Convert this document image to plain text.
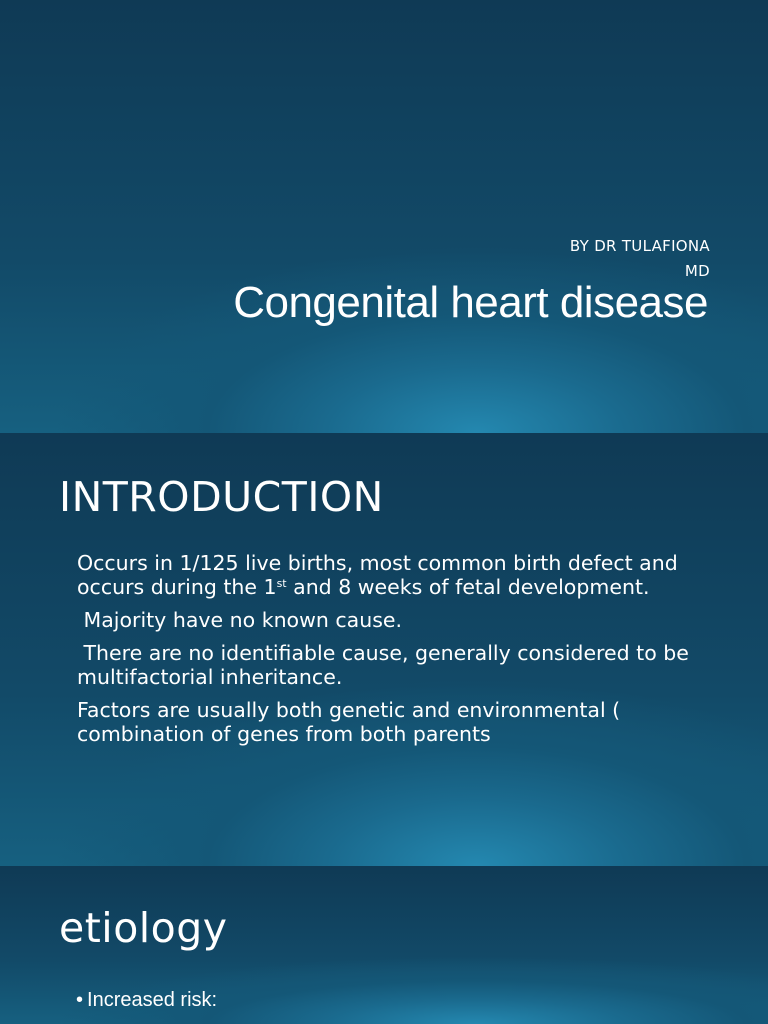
BY DR TULAFIONA
MD
Congenital heart disease
INTRODUCTION
Occurs in 1/125 live births, most common birth defect and occurs during the 1st and 8 weeks of fetal development.
Majority have no known cause.
There are no identifiable cause, generally considered to be multifactorial inheritance.
Factors are usually both genetic and environmental ( combination of genes from both parents
etiology
• Increased risk:
